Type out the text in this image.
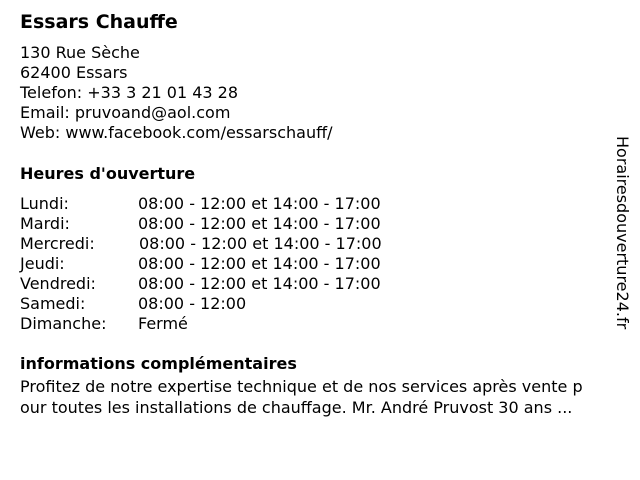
Essars Chauffe
130 Rue Sèche
62400 Essars
Telefon: +33 3 21 01 43 28
Email: pruvoand@aol.com
Web: www.facebook.com/essarschauff/
Heures d'ouverture
Lundi:	08:00 - 12:00 et 14:00 - 17:00
Mardi:	08:00 - 12:00 et 14:00 - 17:00
Mercredi:	08:00 - 12:00 et 14:00 - 17:00
Jeudi:	08:00 - 12:00 et 14:00 - 17:00
Vendredi:	08:00 - 12:00 et 14:00 - 17:00
Samedi:	08:00 - 12:00
Dimanche: Fermé
informations complémentaires
Profitez de notre expertise technique et de nos services après vente p
our toutes les installations de chauffage. Mr. André Pruvost 30 ans ...
Horairesdouverture24.fr
